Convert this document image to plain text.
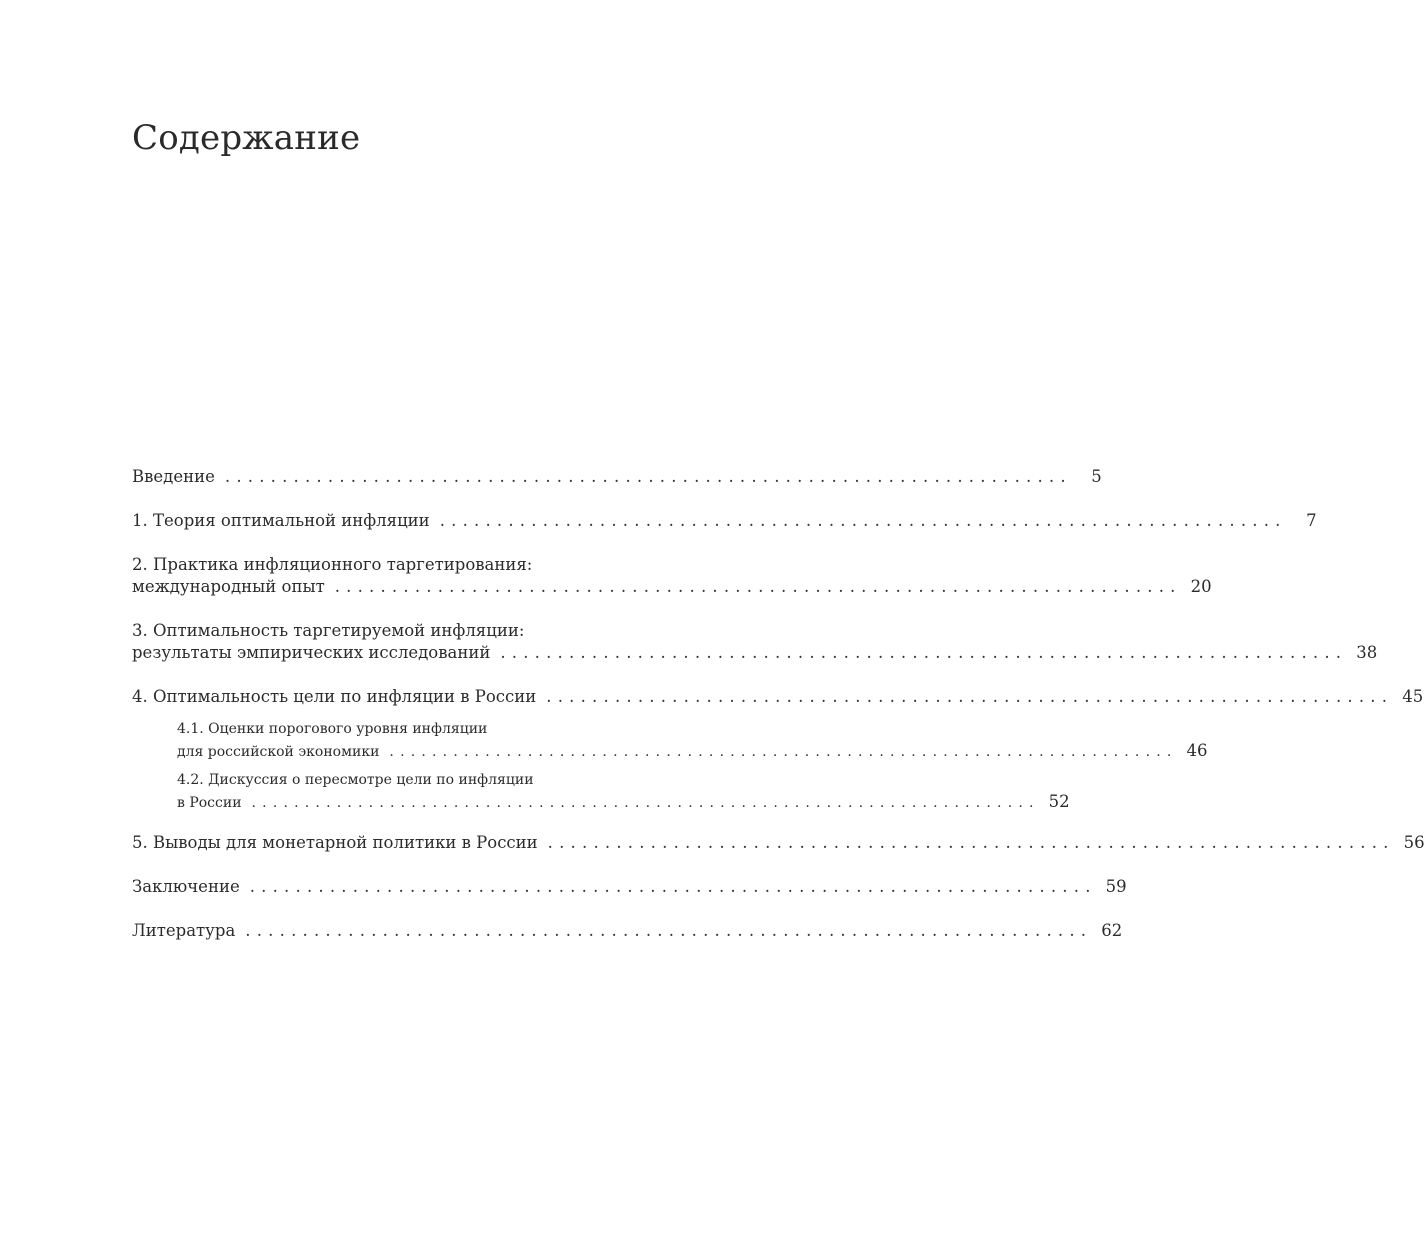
Содержание
Введение ..........................................................................	5
1. Теория оптимальной инфляции ..........................................................................	7
2. Практика инфляционного таргетирования:
международный опыт .......................................................................... 20
3. Оптимальность таргетируемой инфляции:
результаты эмпирических исследований .......................................................................... 38
4. Оптимальность цели по инфляции в России .......................................................................... 45
4.1. Оценки порогового уровня инфляции
для российской экономики .......................................................................... 46
4.2. Дискуссия о пересмотре цели по инфляции
в России .......................................................................... 52
5. Выводы для монетарной политики в России .......................................................................... 56
Заключение .......................................................................... 59
Литература .......................................................................... 62
